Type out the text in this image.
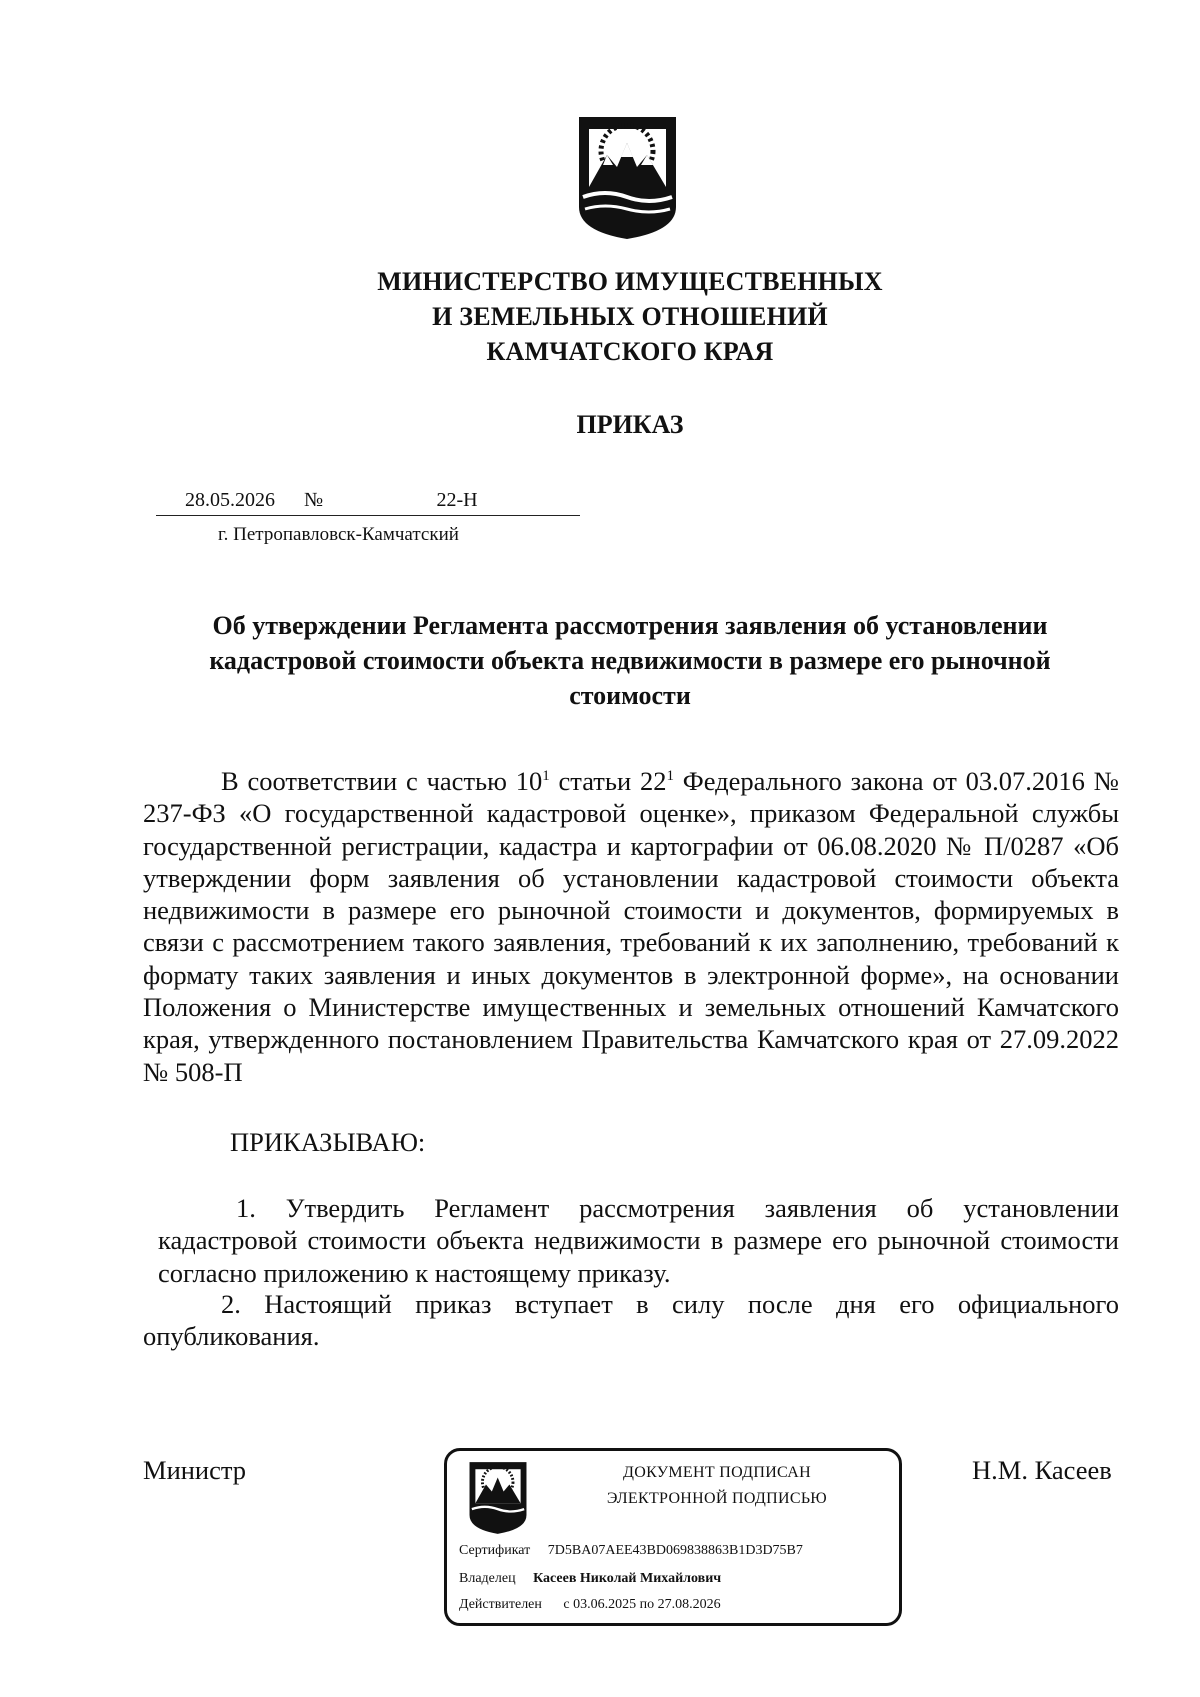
МИНИСТЕРСТВО ИМУЩЕСТВЕННЫХ
И ЗЕМЕЛЬНЫХ ОТНОШЕНИЙ
КАМЧАТСКОГО КРАЯ
ПРИКАЗ
28.05.2026	№	22-Н
г. Петропавловск-Камчатский
Об утверждении Регламента рассмотрения заявления об установлении
кадастровой стоимости объекта недвижимости в размере его рыночной
стоимости
В соответствии с частью $10^1$ статьи $22^1$ Федерального закона от 03.07.2016 № 237-ФЗ «О государственной кадастровой оценке», приказом Федеральной службы государственной регистрации, кадастра и картографии от 06.08.2020 № П/0287 «Об утверждении форм заявления об установлении кадастровой стоимости объекта недвижимости в размере его рыночной стоимости и документов, формируемых в связи с рассмотрением такого заявления, требований к их заполнению, требований к формату таких заявления и иных документов в электронной форме», на основании Положения о Министерстве имущественных и земельных отношений Камчатского края, утвержденного постановлением Правительства Камчатского края от 27.09.2022 № 508-П
ПРИКАЗЫВАЮ:
1. Утвердить Регламент рассмотрения заявления об установлении кадастровой стоимости объекта недвижимости в размере его рыночной стоимости согласно приложению к настоящему приказу.
2. Настоящий приказ вступает в силу после дня его официального опубликования.
Министр	Н.М. Касеев
ДОКУМЕНТ ПОДПИСАН
ЭЛЕКТРОННОЙ ПОДПИСЬЮ
Сертификат 7D5BA07AEE43BD069838863B1D3D75B7
Владелец Касеев Николай Михайлович
Действителен с 03.06.2025 по 27.08.2026
